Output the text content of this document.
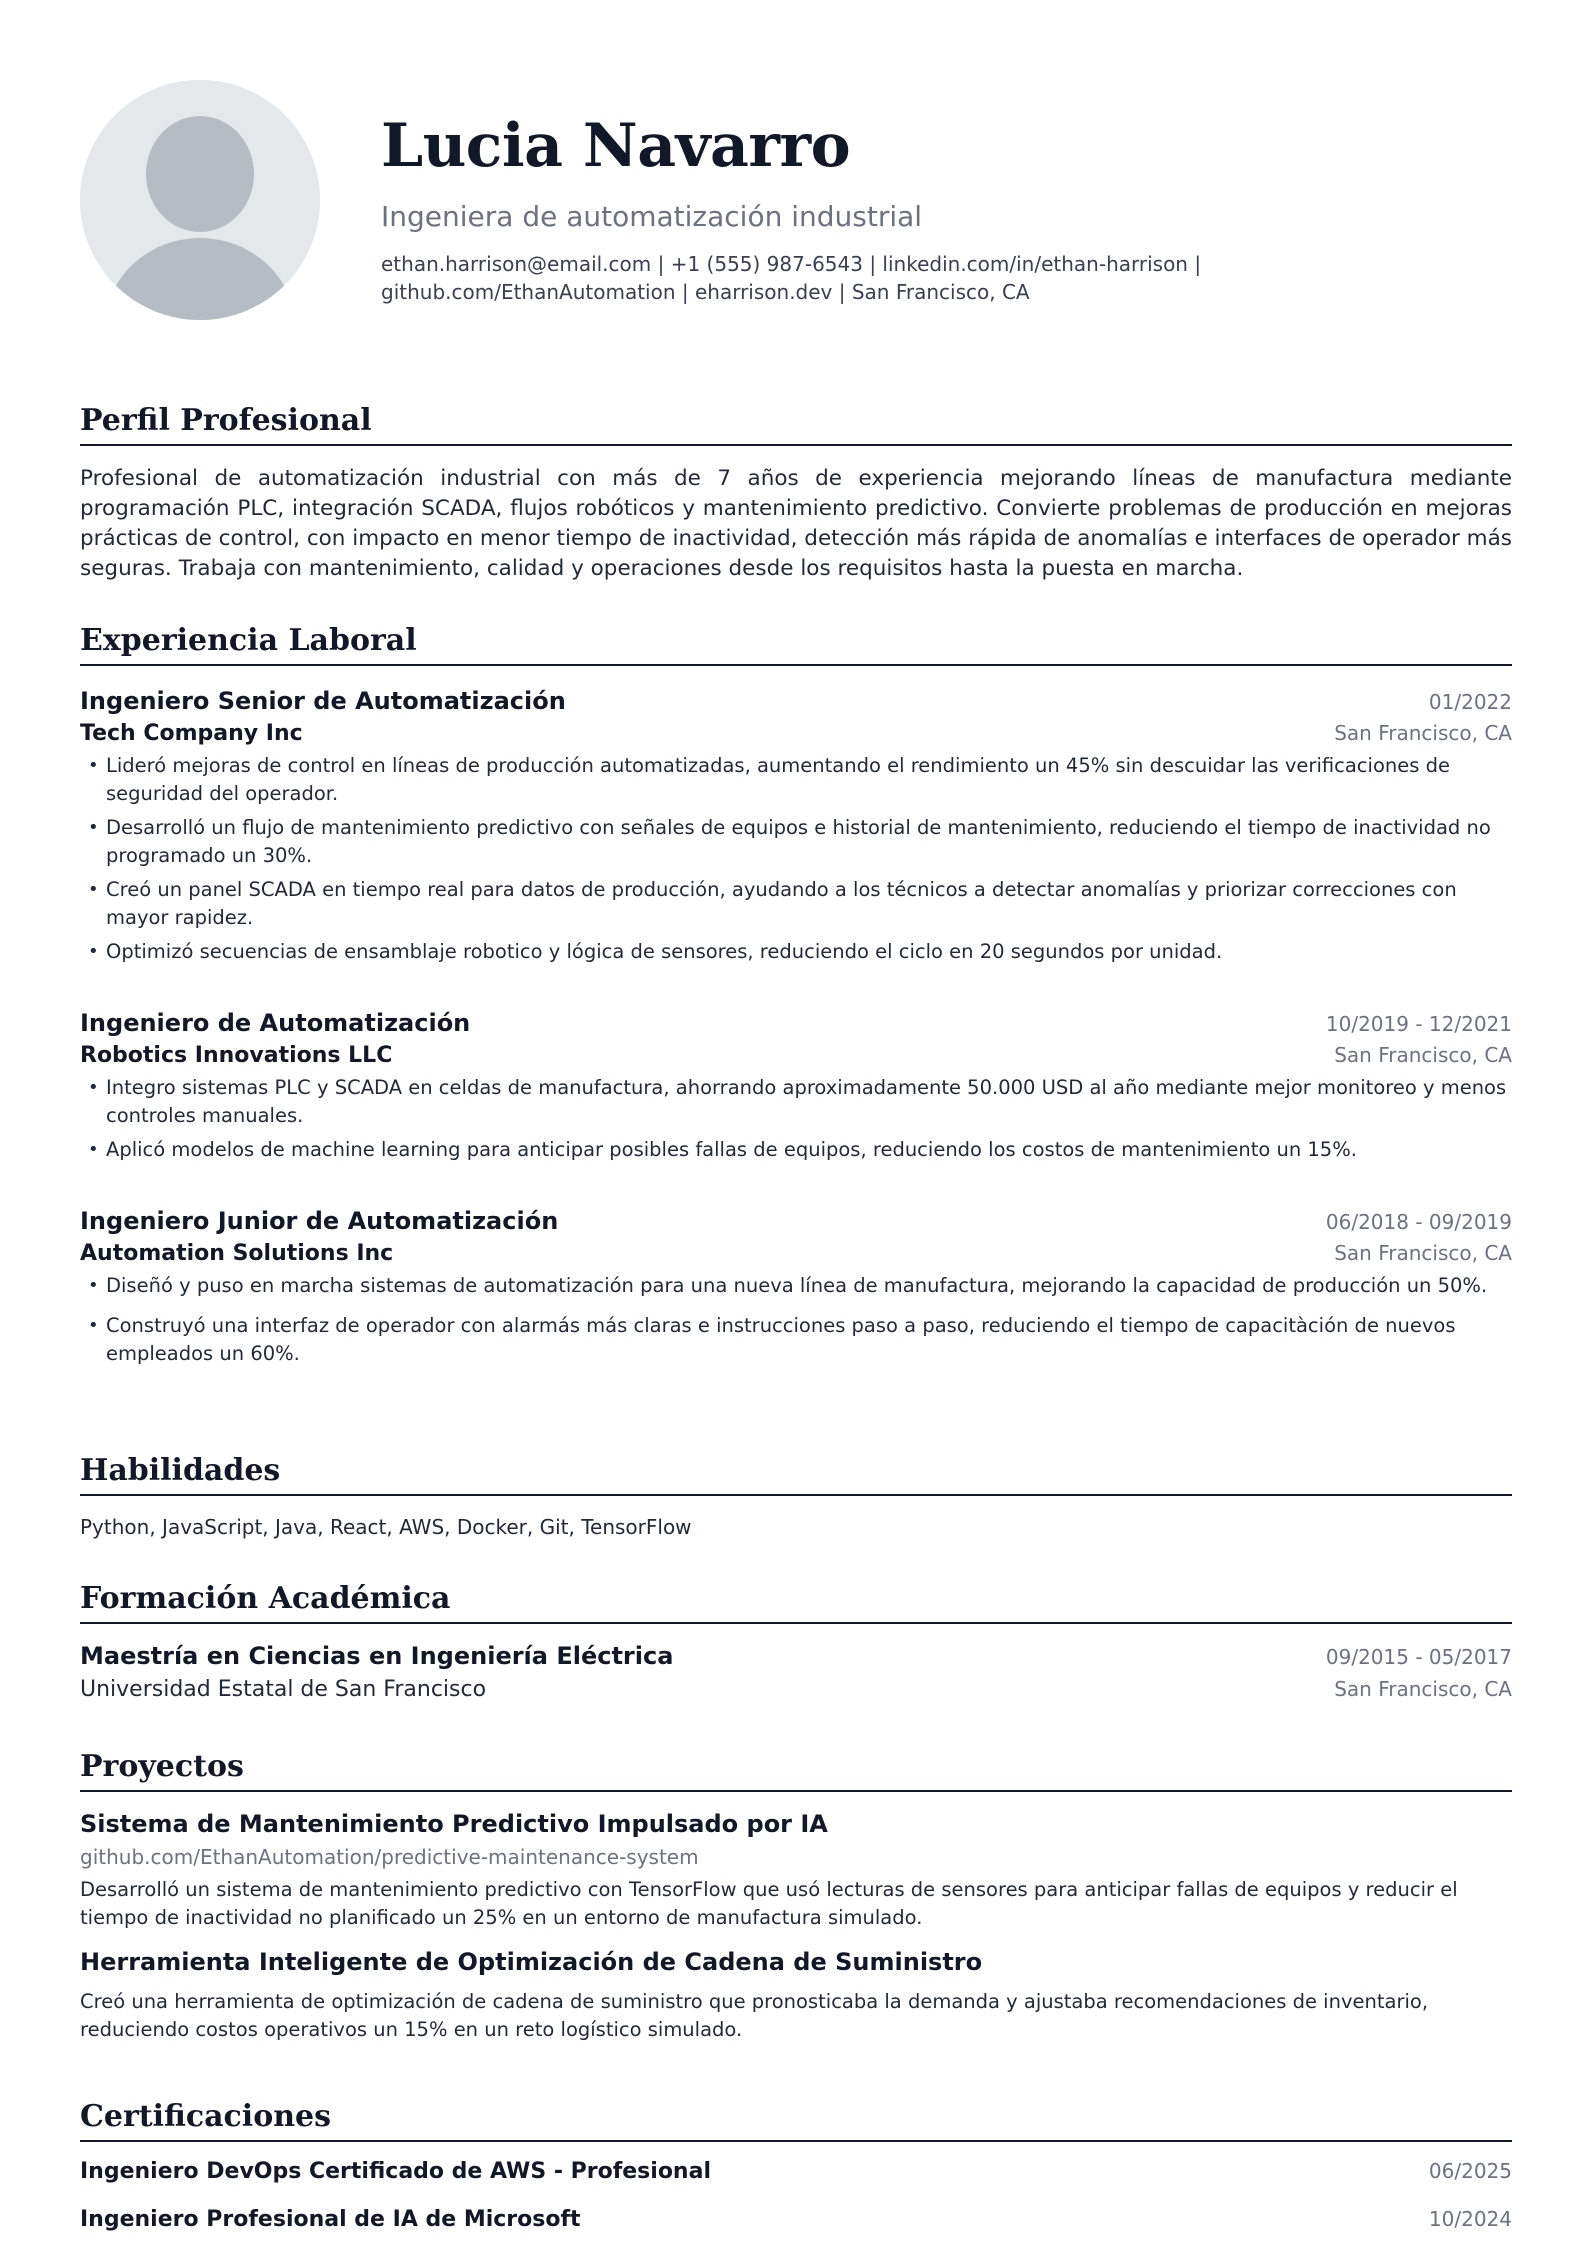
Lucia Navarro
Ingeniera de automatización industrial
ethan.harrison@email.com | +1 (555) 987-6543 | linkedin.com/in/ethan-harrison | github.com/EthanAutomation | eharrison.dev | San Francisco, CA
Perfil Profesional

Profesional de automatización industrial con más de 7 años de experiencia mejorando líneas de manufactura mediante programación PLC, integración SCADA, flujos robóticos y mantenimiento predictivo. Convierte problemas de producción en mejoras prácticas de control, con impacto en menor tiempo de inactividad, detección más rápida de anomalías e interfaces de operador más seguras. Trabaja con mantenimiento, calidad y operaciones desde los requisitos hasta la puesta en marcha.

Experiencia Laboral
Ingeniero Senior de Automatización	01/2022
Tech Company Inc	San Francisco, CA
• Lideró mejoras de control en líneas de producción automatizadas, aumentando el rendimiento un 45% sin descuidar las verificaciones de seguridad del operador.
• Desarrolló un flujo de mantenimiento predictivo con señales de equipos e historial de mantenimiento, reduciendo el tiempo de inactividad no programado un 30%.
• Creó un panel SCADA en tiempo real para datos de producción, ayudando a los técnicos a detectar anomalías y priorizar correcciones con mayor rapidez.
• Optimizó secuencias de ensamblaje robotico y lógica de sensores, reduciendo el ciclo en 20 segundos por unidad.
Ingeniero de Automatización	10/2019 - 12/2021
Robotics Innovations LLC	San Francisco, CA
• Integro sistemas PLC y SCADA en celdas de manufactura, ahorrando aproximadamente 50.000 USD al año mediante mejor monitoreo y menos controles manuales.
• Aplicó modelos de machine learning para anticipar posibles fallas de equipos, reduciendo los costos de mantenimiento un 15%.
Ingeniero Junior de Automatización	06/2018 - 09/2019
Automation Solutions Inc	San Francisco, CA
• Diseñó y puso en marcha sistemas de automatización para una nueva línea de manufactura, mejorando la capacidad de producción un 50%.
• Construyó una interfaz de operador con alarmás más claras e instrucciones paso a paso, reduciendo el tiempo de capacitàción de nuevos empleados un 60%.
Habilidades
Python, JavaScript, Java, React, AWS, Docker, Git, TensorFlow
Formación Académica
Maestría en Ciencias en Ingeniería Eléctrica	09/2015 - 05/2017
Universidad Estatal de San Francisco	San Francisco, CA
Proyectos
Sistema de Mantenimiento Predictivo Impulsado por IA
github.com/EthanAutomation/predictive-maintenance-system
Desarrolló un sistema de mantenimiento predictivo con TensorFlow que usó lecturas de sensores para anticipar fallas de equipos y reducir el tiempo de inactividad no planificado un 25% en un entorno de manufactura simulado.
Herramienta Inteligente de Optimización de Cadena de Suministro
Creó una herramienta de optimización de cadena de suministro que pronosticaba la demanda y ajustaba recomendaciones de inventario, reduciendo costos operativos un 15% en un reto logístico simulado.
Certificaciones
Ingeniero DevOps Certificado de AWS - Profesional	06/2025
Ingeniero Profesional de IA de Microsoft	10/2024
